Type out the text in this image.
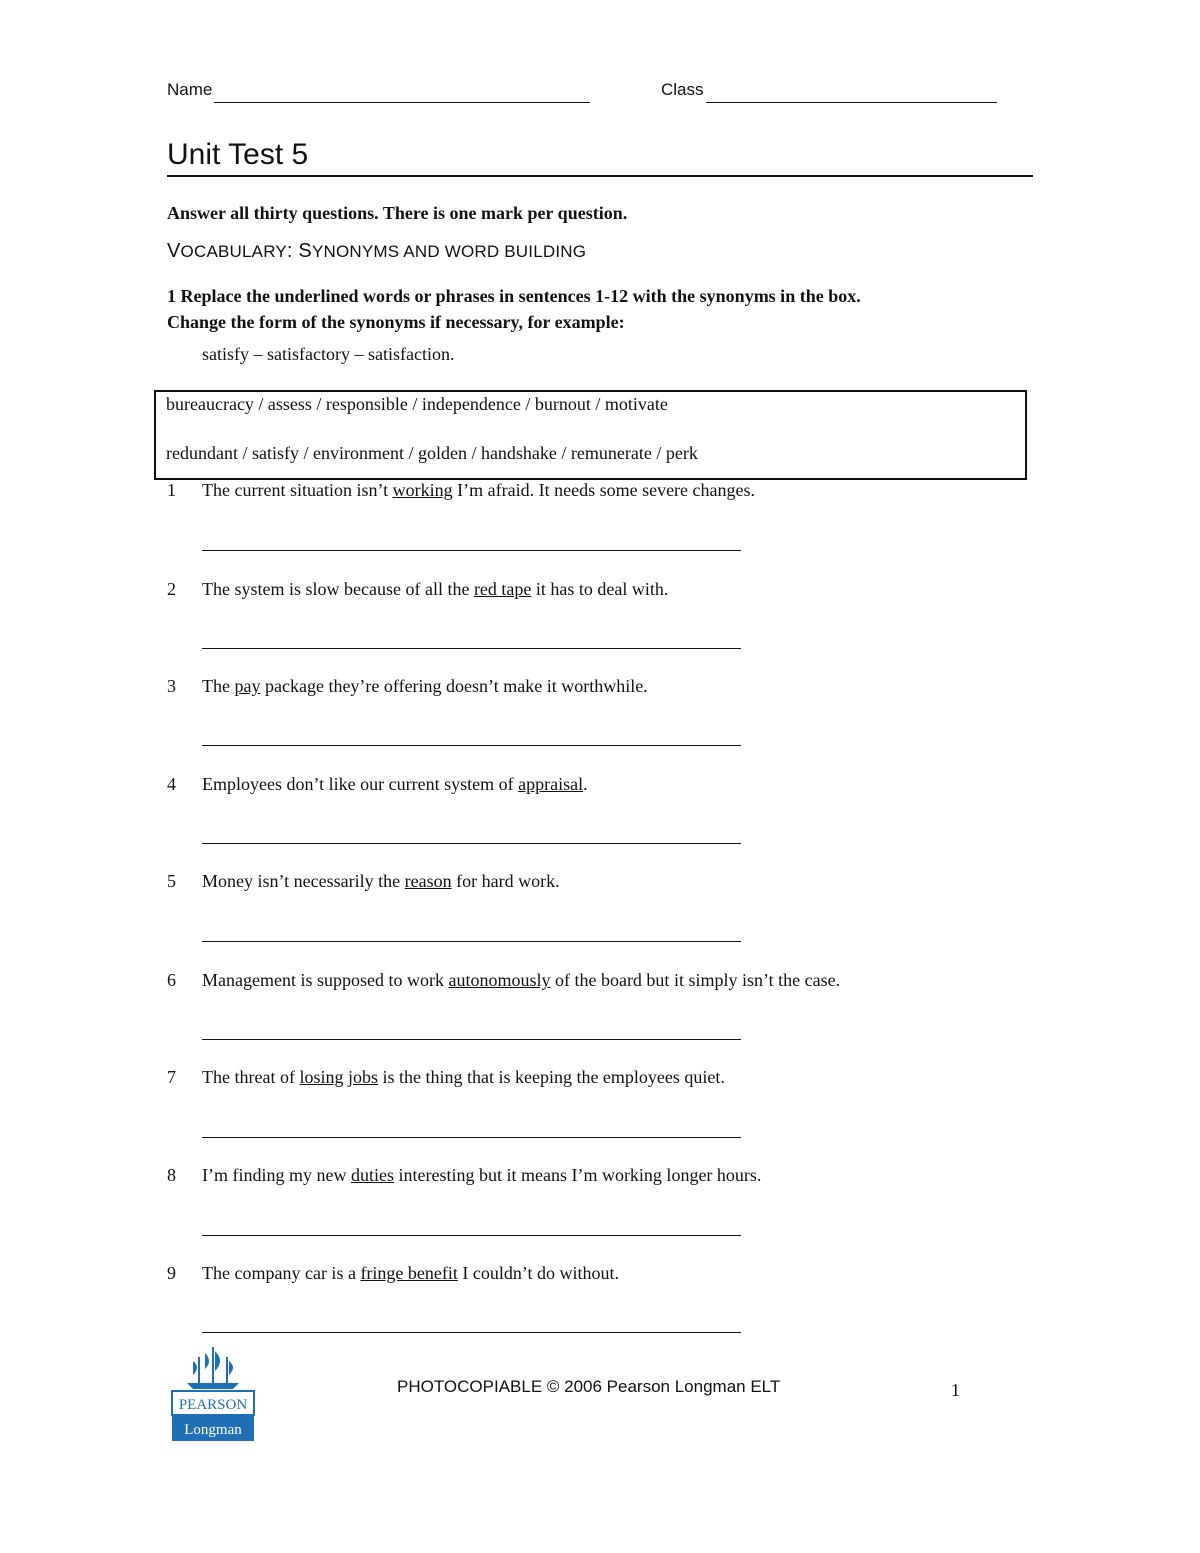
Name	Class
Unit Test 5
Answer all thirty questions. There is one mark per question.
VOCABULARY: SYNONYMS AND WORD BUILDING
1 Replace the underlined words or phrases in sentences 1-12 with the synonyms in the box.
Change the form of the synonyms if necessary, for example:
satisfy – satisfactory – satisfaction.
bureaucracy / assess / responsible / independence / burnout / motivate
redundant / satisfy / environment / golden / handshake / remunerate / perk
1 The current situation isn’t working I’m afraid. It needs some severe changes.
2 The system is slow because of all the red tape it has to deal with.
3 The pay package they’re offering doesn’t make it worthwhile.
4 Employees don’t like our current system of appraisal.
5 Money isn’t necessarily the reason for hard work.
6 Management is supposed to work autonomously of the board but it simply isn’t the case.
7 The threat of losing jobs is the thing that is keeping the employees quiet.
8 I’m finding my new duties interesting but it means I’m working longer hours.
9 The company car is a fringe benefit I couldn’t do without.
PEARSON
Longman
PHOTOCOPIABLE © 2006 Pearson Longman ELT	1
